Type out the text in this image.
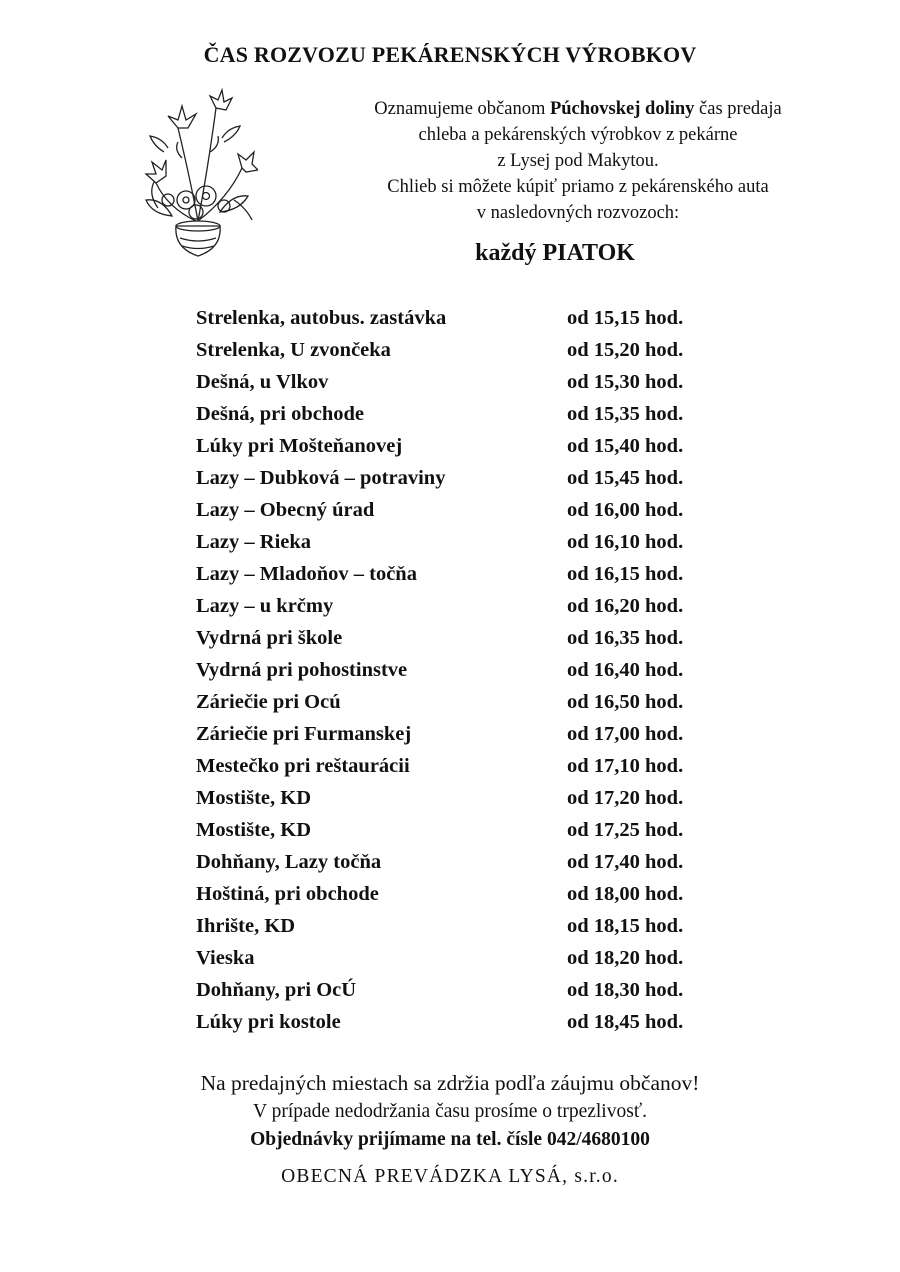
ČAS ROZVOZU PEKÁRENSKÝCH VÝROBKOV
Oznamujeme občanom Púchovskej doliny čas predaja
chleba a pekárenských výrobkov z pekárne
z Lysej pod Makytou.
Chlieb si môžete kúpiť priamo z pekárenského auta
v nasledovných rozvozoch:
každý PIATOK
Strelenka, autobus. zastávka	od 15,15 hod.
Strelenka, U zvončeka	od 15,20 hod.
Dešná, u Vlkov	od 15,30 hod.
Dešná, pri obchode	od 15,35 hod.
Lúky pri Mošteňanovej	od 15,40 hod.
Lazy – Dubková – potraviny	od 15,45 hod.
Lazy – Obecný úrad	od 16,00 hod.
Lazy – Rieka	od 16,10 hod.
Lazy – Mladoňov – točňa	od 16,15 hod.
Lazy – u krčmy	od 16,20 hod.
Vydrná pri škole	od 16,35 hod.
Vydrná pri pohostinstve	od 16,40 hod.
Záriečie pri Ocú	od 16,50 hod.
Záriečie pri Furmanskej	od 17,00 hod.
Mestečko pri reštaurácii	od 17,10 hod.
Mostište, KD	od 17,20 hod.
Mostište, KD	od 17,25 hod.
Dohňany, Lazy točňa	od 17,40 hod.
Hoštiná, pri obchode	od 18,00 hod.
Ihrište, KD	od 18,15 hod.
Vieska	od 18,20 hod.
Dohňany, pri OcÚ	od 18,30 hod.
Lúky pri kostole	od 18,45 hod.
Na predajných miestach sa zdržia podľa záujmu občanov!
V prípade nedodržania času prosíme o trpezlivosť.
Objednávky prijímame na tel. čísle 042/4680100
OBECNÁ PREVÁDZKA LYSÁ, s.r.o.
